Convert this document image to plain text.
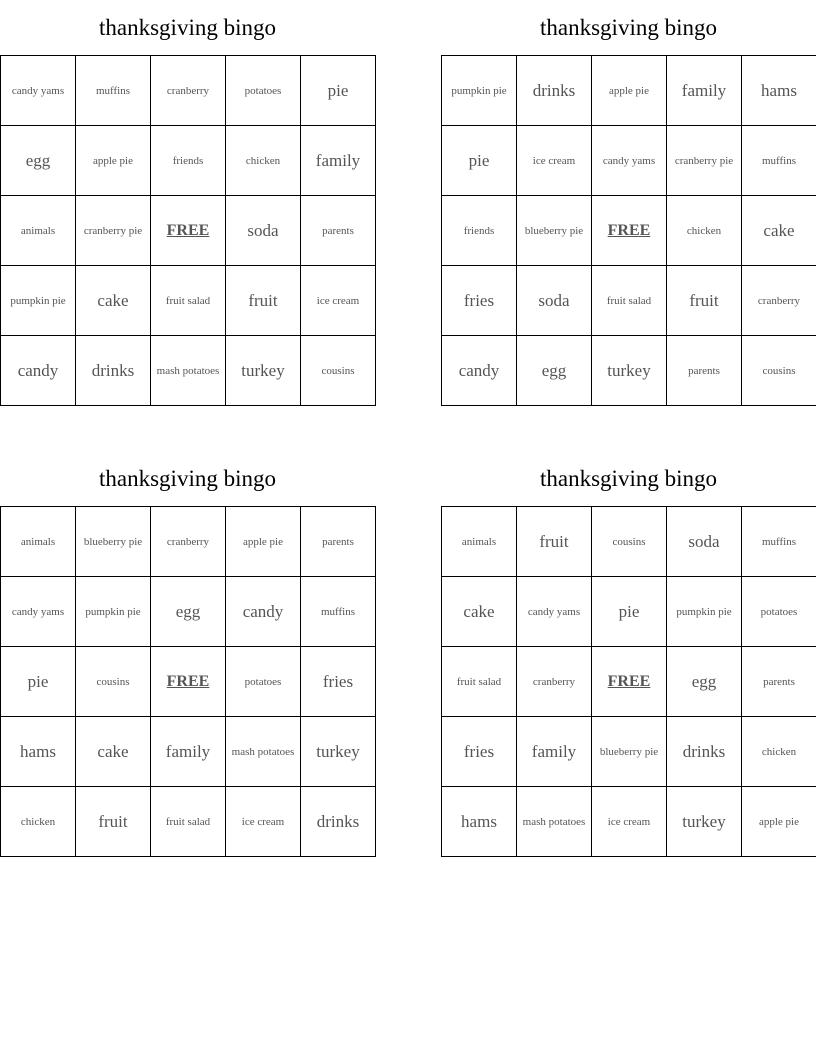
thanksgiving bingo
candy yams	muffins	cranberry	potatoes	pie
egg	apple pie	friends	chicken	family
animals	cranberry pie	FREE	soda	parents
pumpkin pie	cake	fruit salad	fruit	ice cream
candy	drinks	mash potatoes	turkey	cousins
thanksgiving bingo
pumpkin pie	drinks	apple pie	family	hams
pie	ice cream	candy yams	cranberry pie	muffins
friends	blueberry pie	FREE	chicken	cake
fries	soda	fruit salad	fruit	cranberry
candy	egg	turkey	parents	cousins
thanksgiving bingo
animals	blueberry pie	cranberry	apple pie	parents
candy yams	pumpkin pie	egg	candy	muffins
pie	cousins	FREE	potatoes	fries
hams	cake	family	mash potatoes	turkey
chicken	fruit	fruit salad	ice cream	drinks
thanksgiving bingo
animals	fruit	cousins	soda	muffins
cake	candy yams	pie	pumpkin pie	potatoes
fruit salad	cranberry	FREE	egg	parents
fries	family	blueberry pie	drinks	chicken
hams	mash potatoes	ice cream	turkey	apple pie
